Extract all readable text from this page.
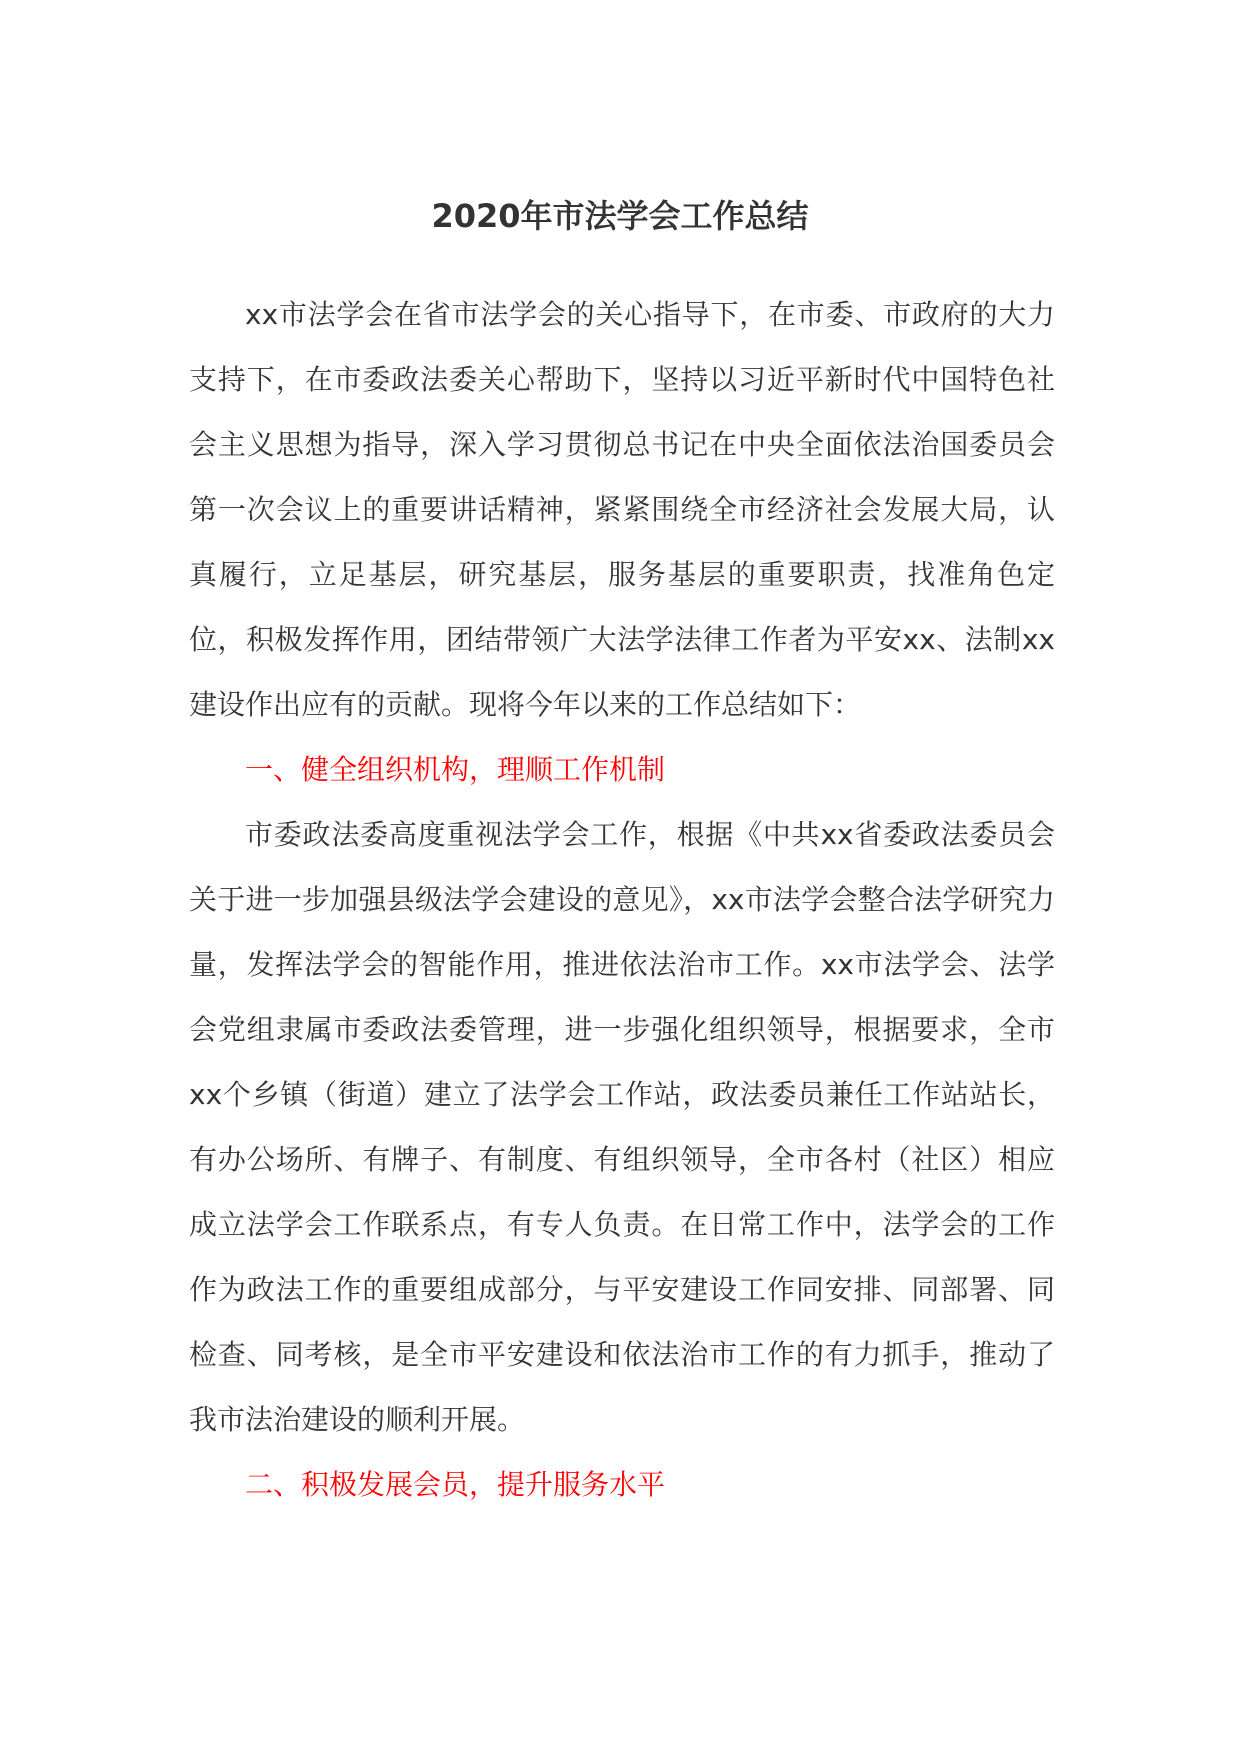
2020年市法学会工作总结

xx市法学会在省市法学会的关心指导下，在市委、市政府的大力支持下，在市委政法委关心帮助下，坚持以习近平新时代中国特色社会主义思想为指导，深入学习贯彻总书记在中央全面依法治国委员会第一次会议上的重要讲话精神，紧紧围绕全市经济社会发展大局，认真履行，立足基层，研究基层，服务基层的重要职责，找准角色定位，积极发挥作用，团结带领广大法学法律工作者为平安xx、法制xx建设作出应有的贡献。现将今年以来的工作总结如下：

一、健全组织机构，理顺工作机制

市委政法委高度重视法学会工作，根据《中共xx省委政法委员会关于进一步加强县级法学会建设的意见》，xx市法学会整合法学研究力量，发挥法学会的智能作用，推进依法治市工作。xx市法学会、法学会党组隶属市委政法委管理，进一步强化组织领导，根据要求，全市xx个乡镇（街道）建立了法学会工作站，政法委员兼任工作站站长，有办公场所、有牌子、有制度、有组织领导，全市各村（社区）相应成立法学会工作联系点，有专人负责。在日常工作中，法学会的工作作为政法工作的重要组成部分，与平安建设工作同安排、同部署、同检查、同考核，是全市平安建设和依法治市工作的有力抓手，推动了我市法治建设的顺利开展。

二、积极发展会员，提升服务水平
